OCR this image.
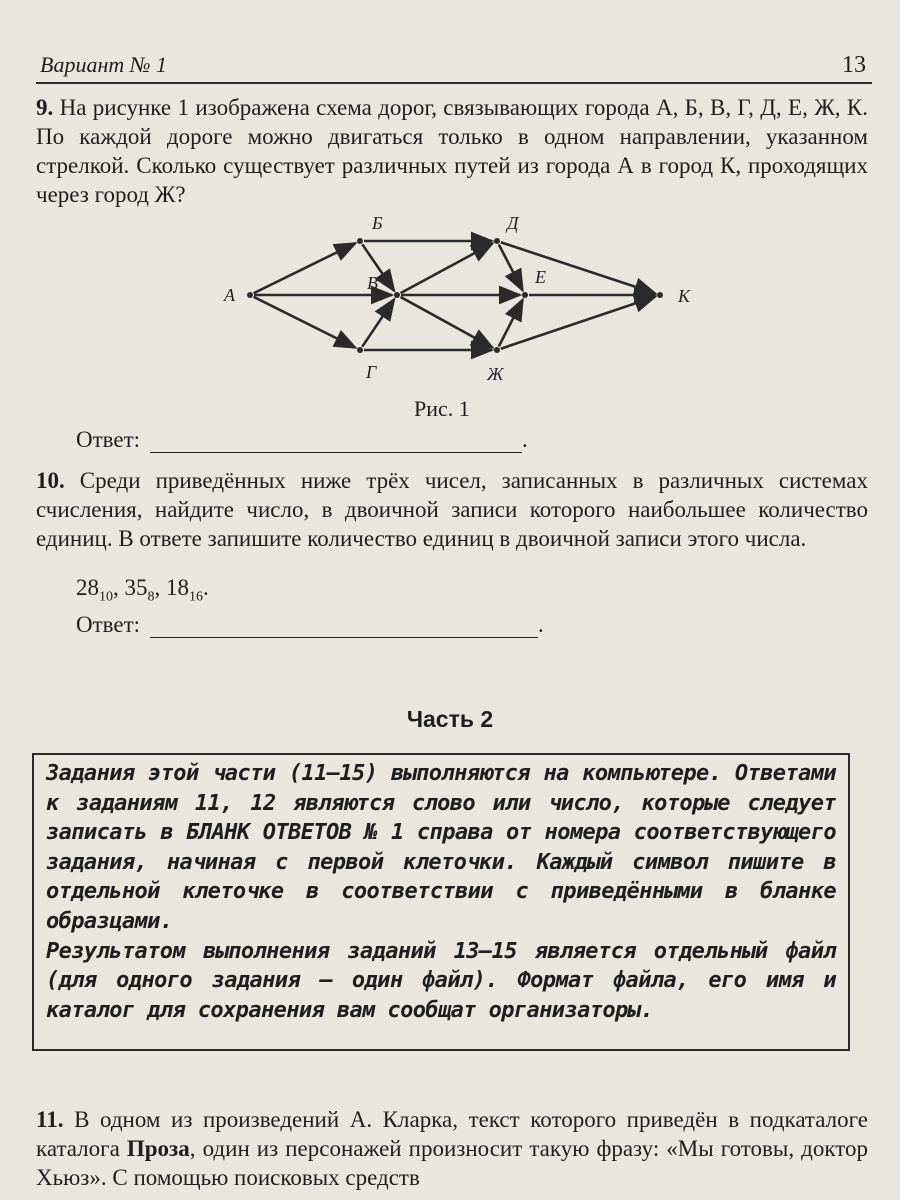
Вариант № 1	13
9. На рисунке 1 изображена схема дорог, связывающих города А, Б, В, Г, Д, Е, Ж, К. По каждой дороге можно двигаться только в одном направлении, указанном стрелкой. Сколько существует различных путей из города А в город К, проходящих через город Ж?
А
Б
В
Г
Д
Е
Ж
К
Рис. 1
Ответ:	.
10. Среди приведённых ниже трёх чисел, записанных в различных системах счисления, найдите число, в двоичной записи которого наибольшее количество единиц. В ответе запишите количество единиц в двоичной записи этого числа.
$28_{10}$, $35_8$, $18_{16}$.
Ответ:	.
Часть 2

Задания этой части (11–15) выполняются на компьютере. Ответами к заданиям 11, 12 являются слово или число, которые следует записать в БЛАНК ОТВЕТОВ № 1 справа от номера соответствующего задания, начиная с первой клеточки. Каждый символ пишите в отдельной клеточке в соответствии с приведёнными в бланке образцами.

Результатом выполнения заданий 13–15 является отдельный файл (для одного задания — один файл). Формат файла, его имя и каталог для сохранения вам сообщат организаторы.

11. В одном из произведений А. Кларка, текст которого приведён в подкаталоге каталога Проза, один из персонажей произносит такую фразу: «Мы готовы, доктор Хьюз». С помощью поисковых средств
